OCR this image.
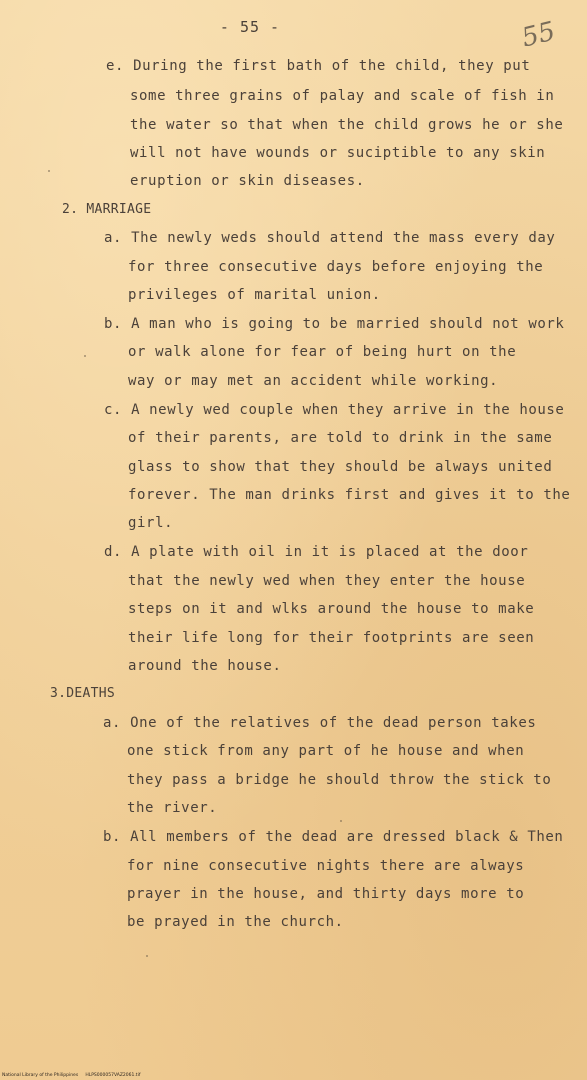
- 55 -	55
e. During the first bath of the child, they put
some three grains of palay and scale of fish in
the water so that when the child grows he or she
will not have wounds or suciptible to any skin
eruption or skin diseases.
2. MARRIAGE
a. The newly weds should attend the mass every day
for three consecutive days before enjoying the
privileges of marital union.
b. A man who is going to be married should not work
or walk alone for fear of being hurt on the
way or may met an accident while working.
c. A newly wed couple when they arrive in the house
of their parents, are told to drink in the same
glass to show that they should be always united
forever. The man drinks first and gives it to the
girl.
d. A plate with oil in it is placed at the door
that the newly wed when they enter the house
steps on it and wlks around the house to make
their life long for their footprints are seen
around the house.
3.DEATHS
a. One of the relatives of the dead person takes
one stick from any part of he house and when
they pass a bridge he should throw the stick to
the river.
b. All members of the dead are dressed black & Then
for nine consecutive nights there are always
prayer in the house, and thirty days more to
be prayed in the church.
National Library of the Philippines     HLPS000057VAZ2061.tif
